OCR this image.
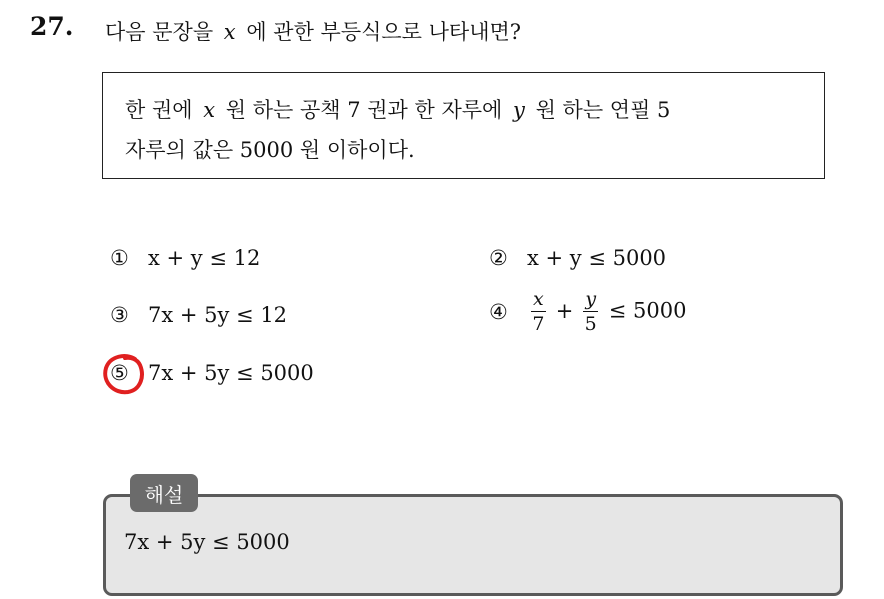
27. 다음 문장을 x 에 관한 부등식으로 나타내면?
한 권에 x 원 하는 공책 7 권과 한 자루에 y 원 하는 연필 5
자루의 값은 5000 원 이하이다.
① x + y ≤ 12	② x + y ≤ 5000
③ 7x + 5y ≤ 12	④	$\frac{x}{7} + \frac{y}{5} \le 5000$
⑤ 7x + 5y ≤ 5000
해설
7x + 5y ≤ 5000
